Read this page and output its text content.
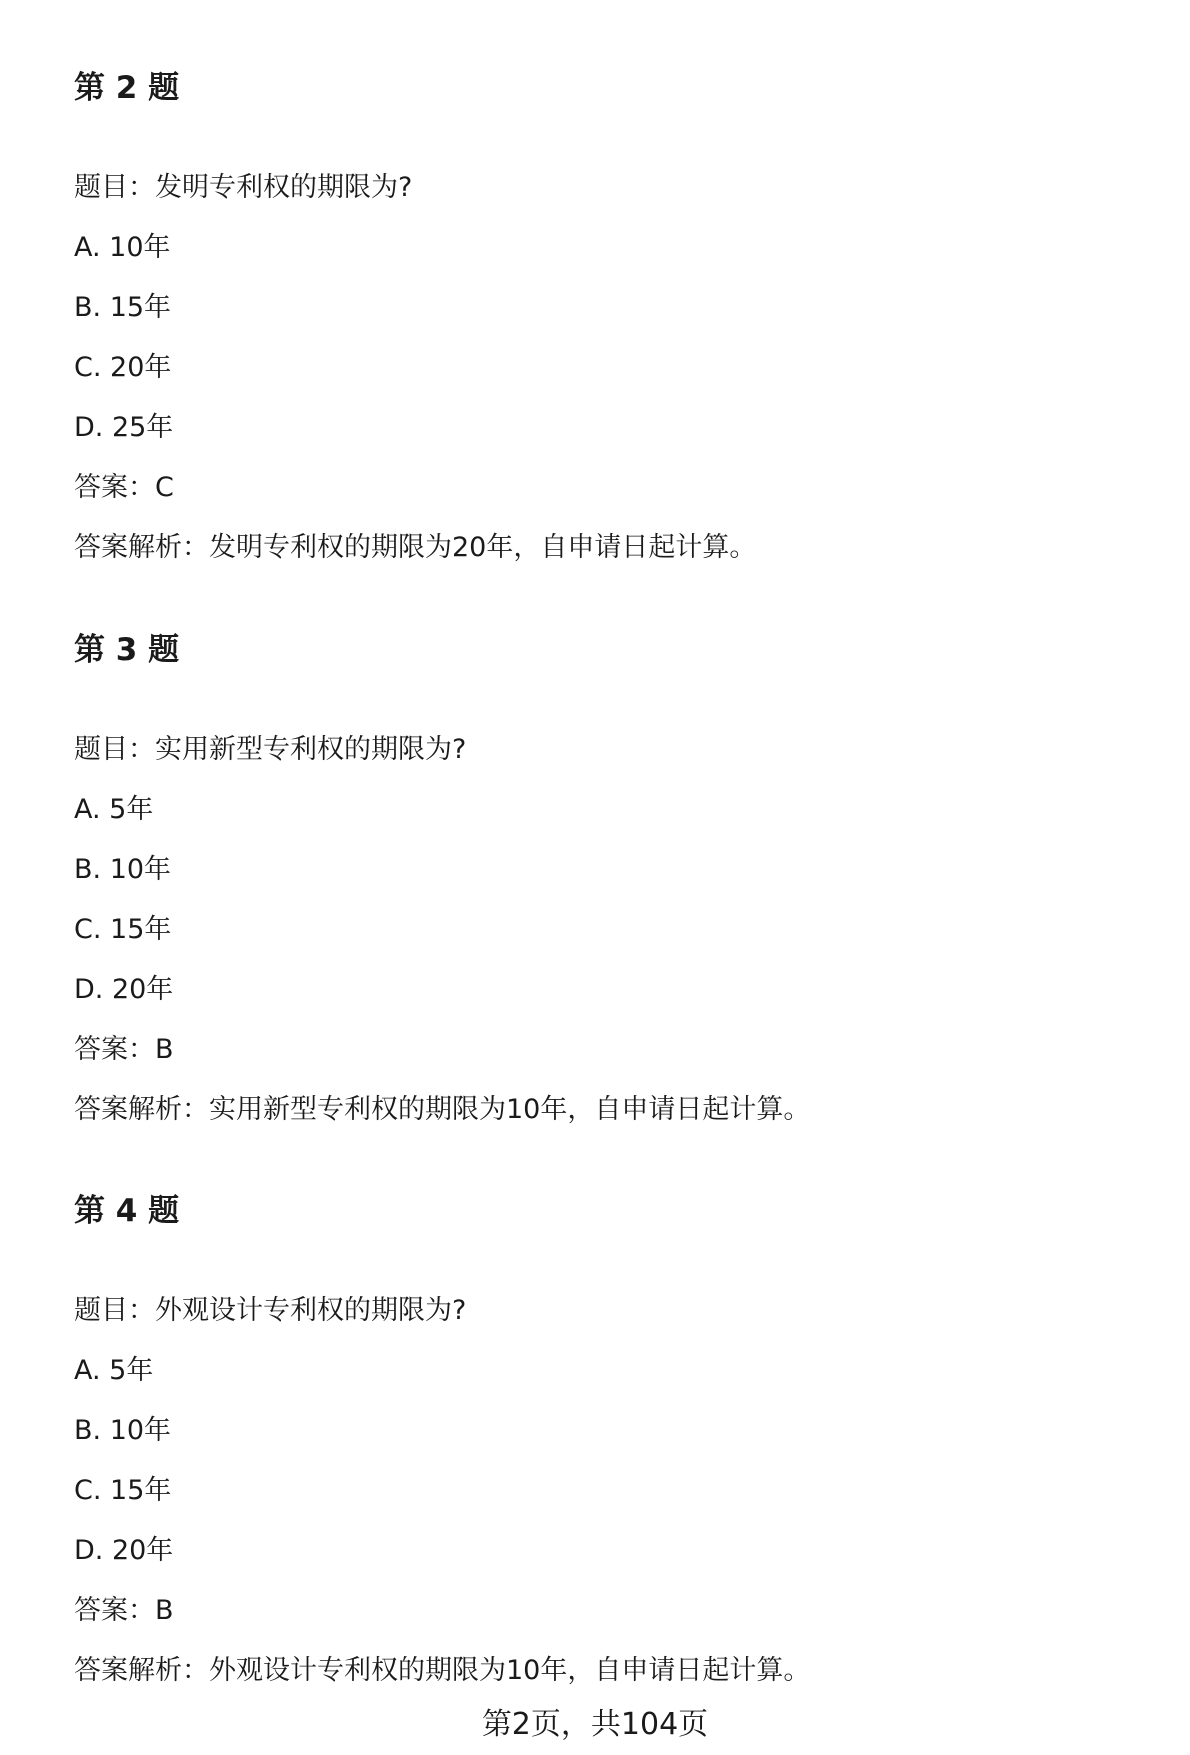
第 2 题
题目：发明专利权的期限为?
A. 10年
B. 15年
C. 20年
D. 25年
答案：C
答案解析：发明专利权的期限为20年，自申请日起计算。
第 3 题
题目：实用新型专利权的期限为?
A. 5年
B. 10年
C. 15年
D. 20年
答案：B
答案解析：实用新型专利权的期限为10年，自申请日起计算。
第 4 题
题目：外观设计专利权的期限为?
A. 5年
B. 10年
C. 15年
D. 20年
答案：B
答案解析：外观设计专利权的期限为10年，自申请日起计算。
第2页，共104页
